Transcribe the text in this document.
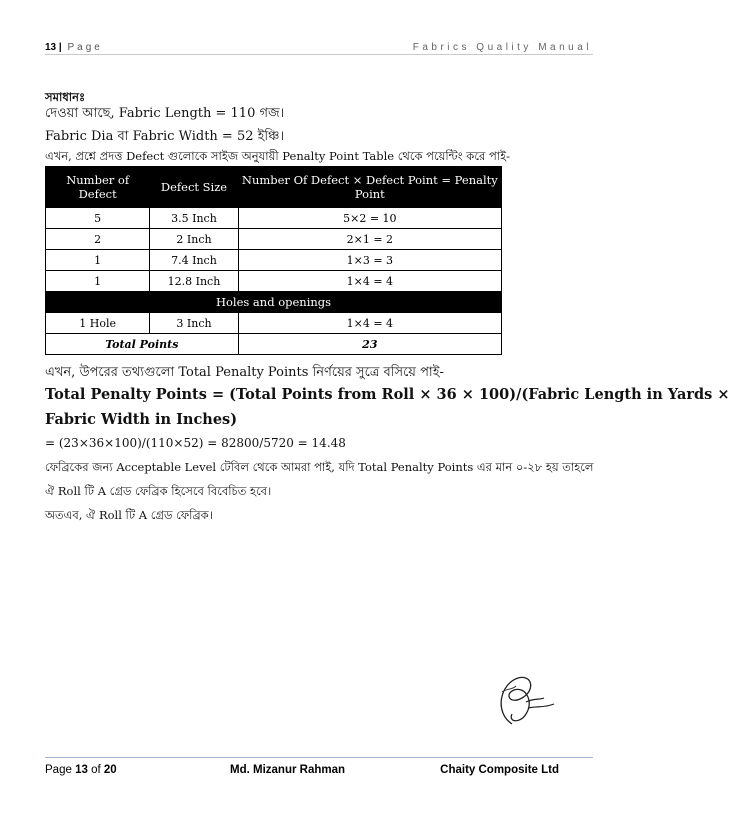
13 | Page	Fabrics Quality Manual
সমাধানঃ
দেওয়া আছে, Fabric Length = 110 গজ।
Fabric Dia বা Fabric Width = 52 ইঞ্চি।
এখন, প্রশ্নে প্রদত্ত Defect গুলোকে সাইজ অনুযায়ী Penalty Point Table থেকে পয়েন্টিং করে পাই-
Number of Defect	Defect Size	Number Of Defect × Defect Point = Penalty Point
5	3.5 Inch	5×2 = 10
2	2 Inch	2×1 = 2
1	7.4 Inch	1×3 = 3
1	12.8 Inch	1×4 = 4
Holes and openings		
1 Hole	3 Inch	1×4 = 4
Total Points		23
এখন, উপরের তথ্যগুলো Total Penalty Points নির্ণয়ের সুত্রে বসিয়ে পাই-
Total Penalty Points = (Total Points from Roll × 36 × 100)/(Fabric Length in Yards ×
Fabric Width in Inches)
= (23×36×100)/(110×52) = 82800/5720 = 14.48
ফেব্রিকের জন্য Acceptable Level টেবিল থেকে আমরা পাই, যদি Total Penalty Points এর মান ০-২৮ হয় তাহলে
ঐ Roll টি A গ্রেড ফেব্রিক হিসেবে বিবেচিত হবে।
অতএব, ঐ Roll টি A গ্রেড ফেব্রিক।
Page 13 of 20	Md. Mizanur Rahman	Chaity Composite Ltd
